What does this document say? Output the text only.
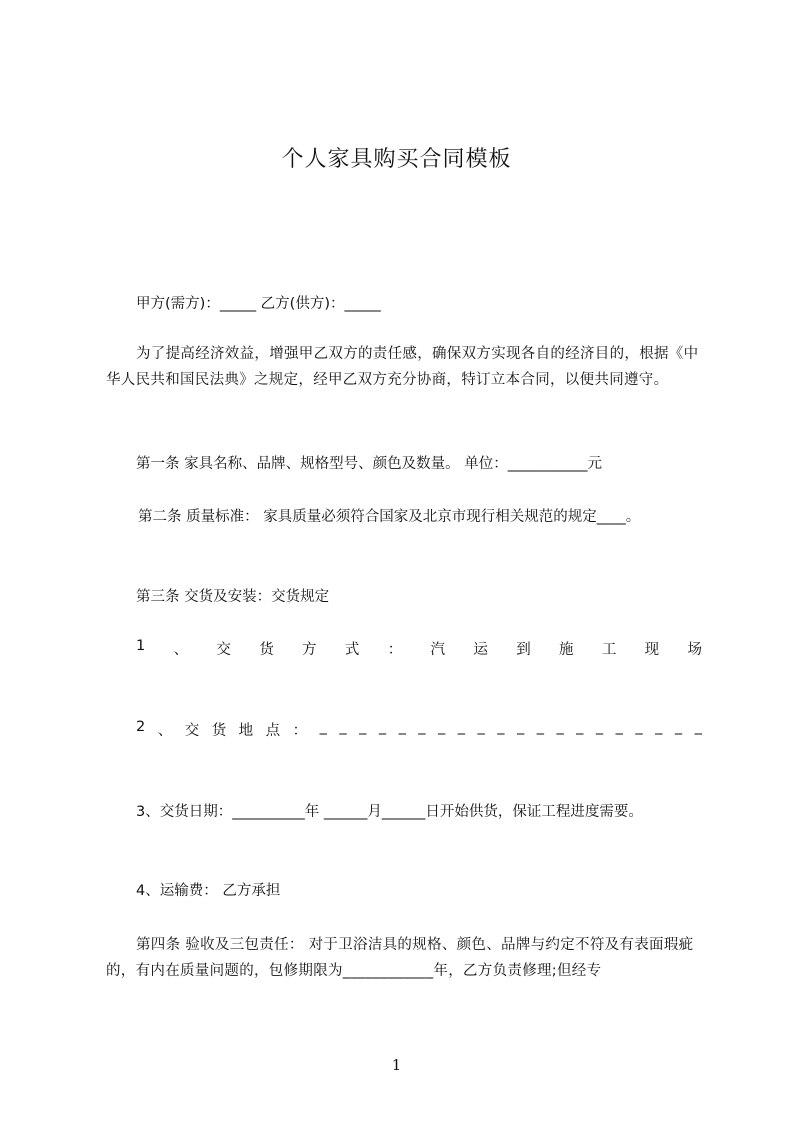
个人家具购买合同模板
甲方(需方)：_____ 乙方(供方)：_____
为了提高经济效益，增强甲乙双方的责任感，确保双方实现各自的经济目的，根据《中华人民共和国民法典》之规定，经甲乙双方充分协商，特订立本合同，以便共同遵守。
第一条 家具名称、品牌、规格型号、颜色及数量。 单位：___________元
第二条 质量标准： 家具质量必须符合国家及北京市现行相关规范的规定____。
第三条 交货及安装：交货规定
1 、 交 货 方 式 ： 汽 运 到 施 工 现 场
2 、 交 货 地 点 ： _ _ _ _ _ _ _ _ _ _ _ _ _ _ _ _ _ _ _ _
3、交货日期：__________年 ______月______日开始供货，保证工程进度需要。
4、运输费： 乙方承担
第四条 验收及三包责任： 对于卫浴洁具的规格、颜色、品牌与约定不符及有表面瑕疵的，有内在质量问题的，包修期限为____________年，乙方负责修理;但经专
1
